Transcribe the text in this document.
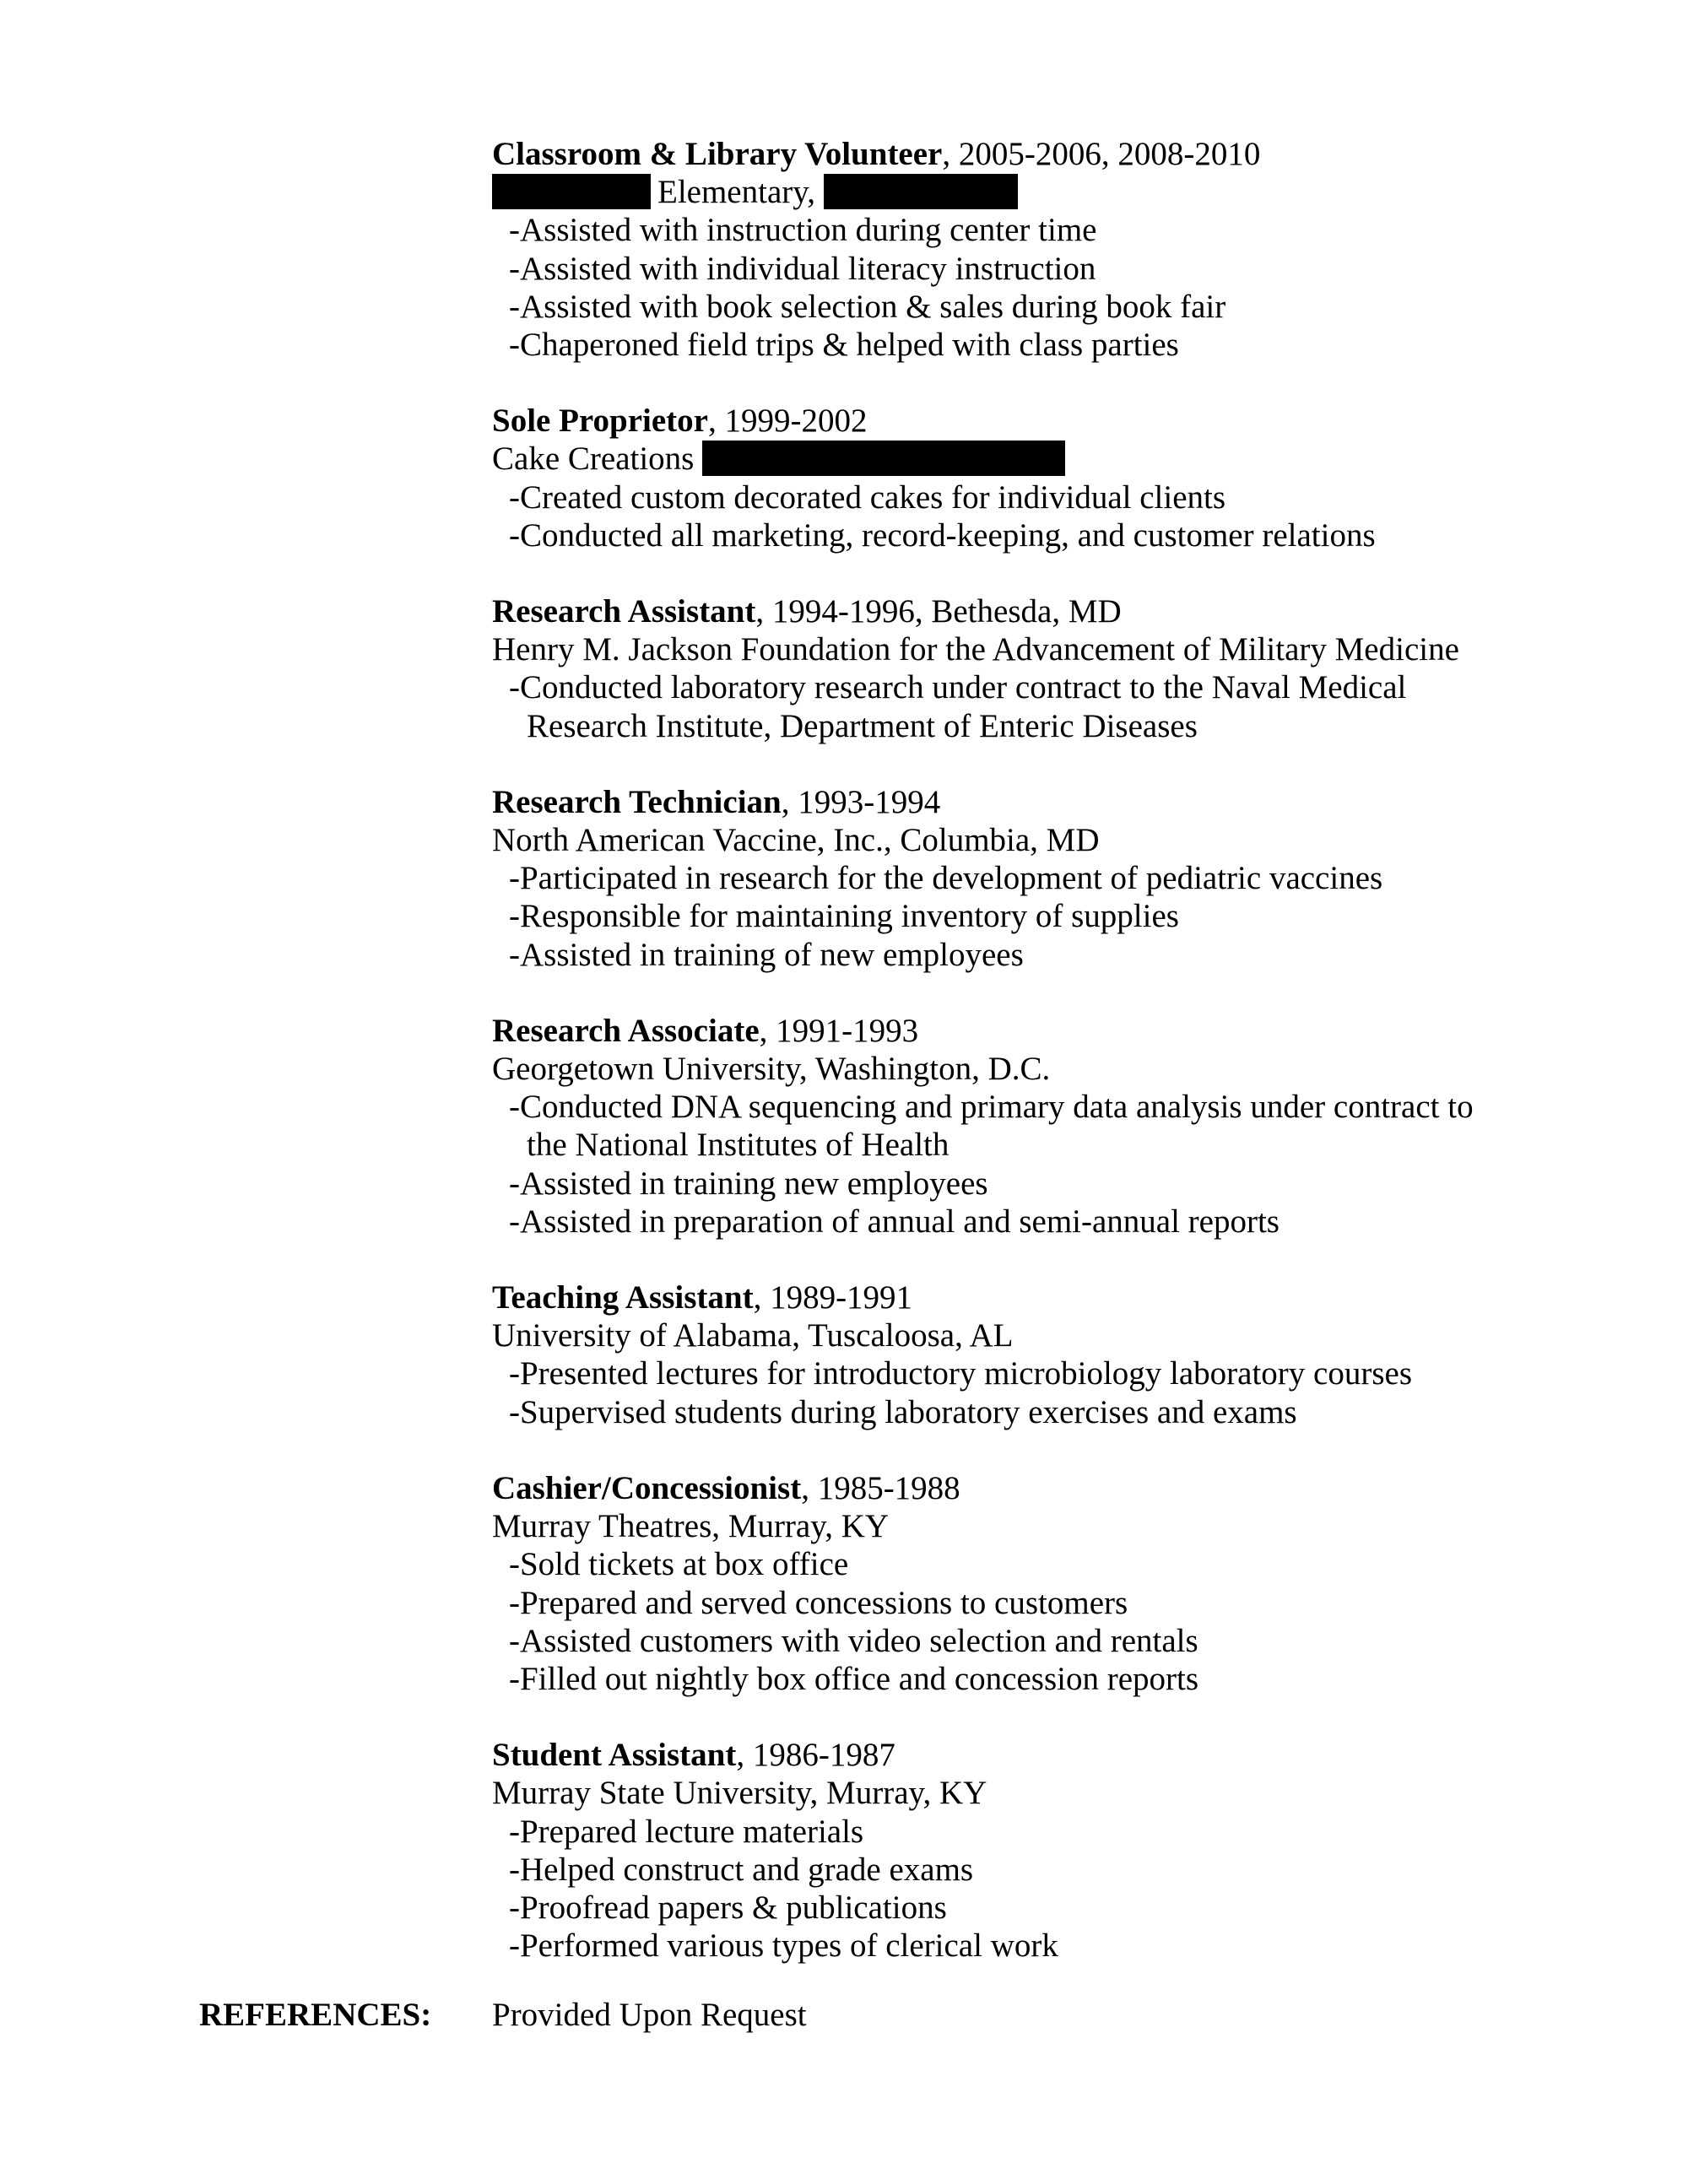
Classroom & Library Volunteer, 2005-2006, 2008-2010
Elementary,
-Assisted with instruction during center time
-Assisted with individual literacy instruction
-Assisted with book selection & sales during book fair
-Chaperoned field trips & helped with class parties
Sole Proprietor, 1999-2002
Cake Creations
-Created custom decorated cakes for individual clients
-Conducted all marketing, record-keeping, and customer relations
Research Assistant, 1994-1996, Bethesda, MD
Henry M. Jackson Foundation for the Advancement of Military Medicine
-Conducted laboratory research under contract to the Naval Medical
Research Institute, Department of Enteric Diseases
Research Technician, 1993-1994
North American Vaccine, Inc., Columbia, MD
-Participated in research for the development of pediatric vaccines
-Responsible for maintaining inventory of supplies
-Assisted in training of new employees
Research Associate, 1991-1993
Georgetown University, Washington, D.C.
-Conducted DNA sequencing and primary data analysis under contract to
the National Institutes of Health
-Assisted in training new employees
-Assisted in preparation of annual and semi-annual reports
Teaching Assistant, 1989-1991
University of Alabama, Tuscaloosa, AL
-Presented lectures for introductory microbiology laboratory courses
-Supervised students during laboratory exercises and exams
Cashier/Concessionist, 1985-1988
Murray Theatres, Murray, KY
-Sold tickets at box office
-Prepared and served concessions to customers
-Assisted customers with video selection and rentals
-Filled out nightly box office and concession reports
Student Assistant, 1986-1987
Murray State University, Murray, KY
-Prepared lecture materials
-Helped construct and grade exams
-Proofread papers & publications
-Performed various types of clerical work
REFERENCES: Provided Upon Request
